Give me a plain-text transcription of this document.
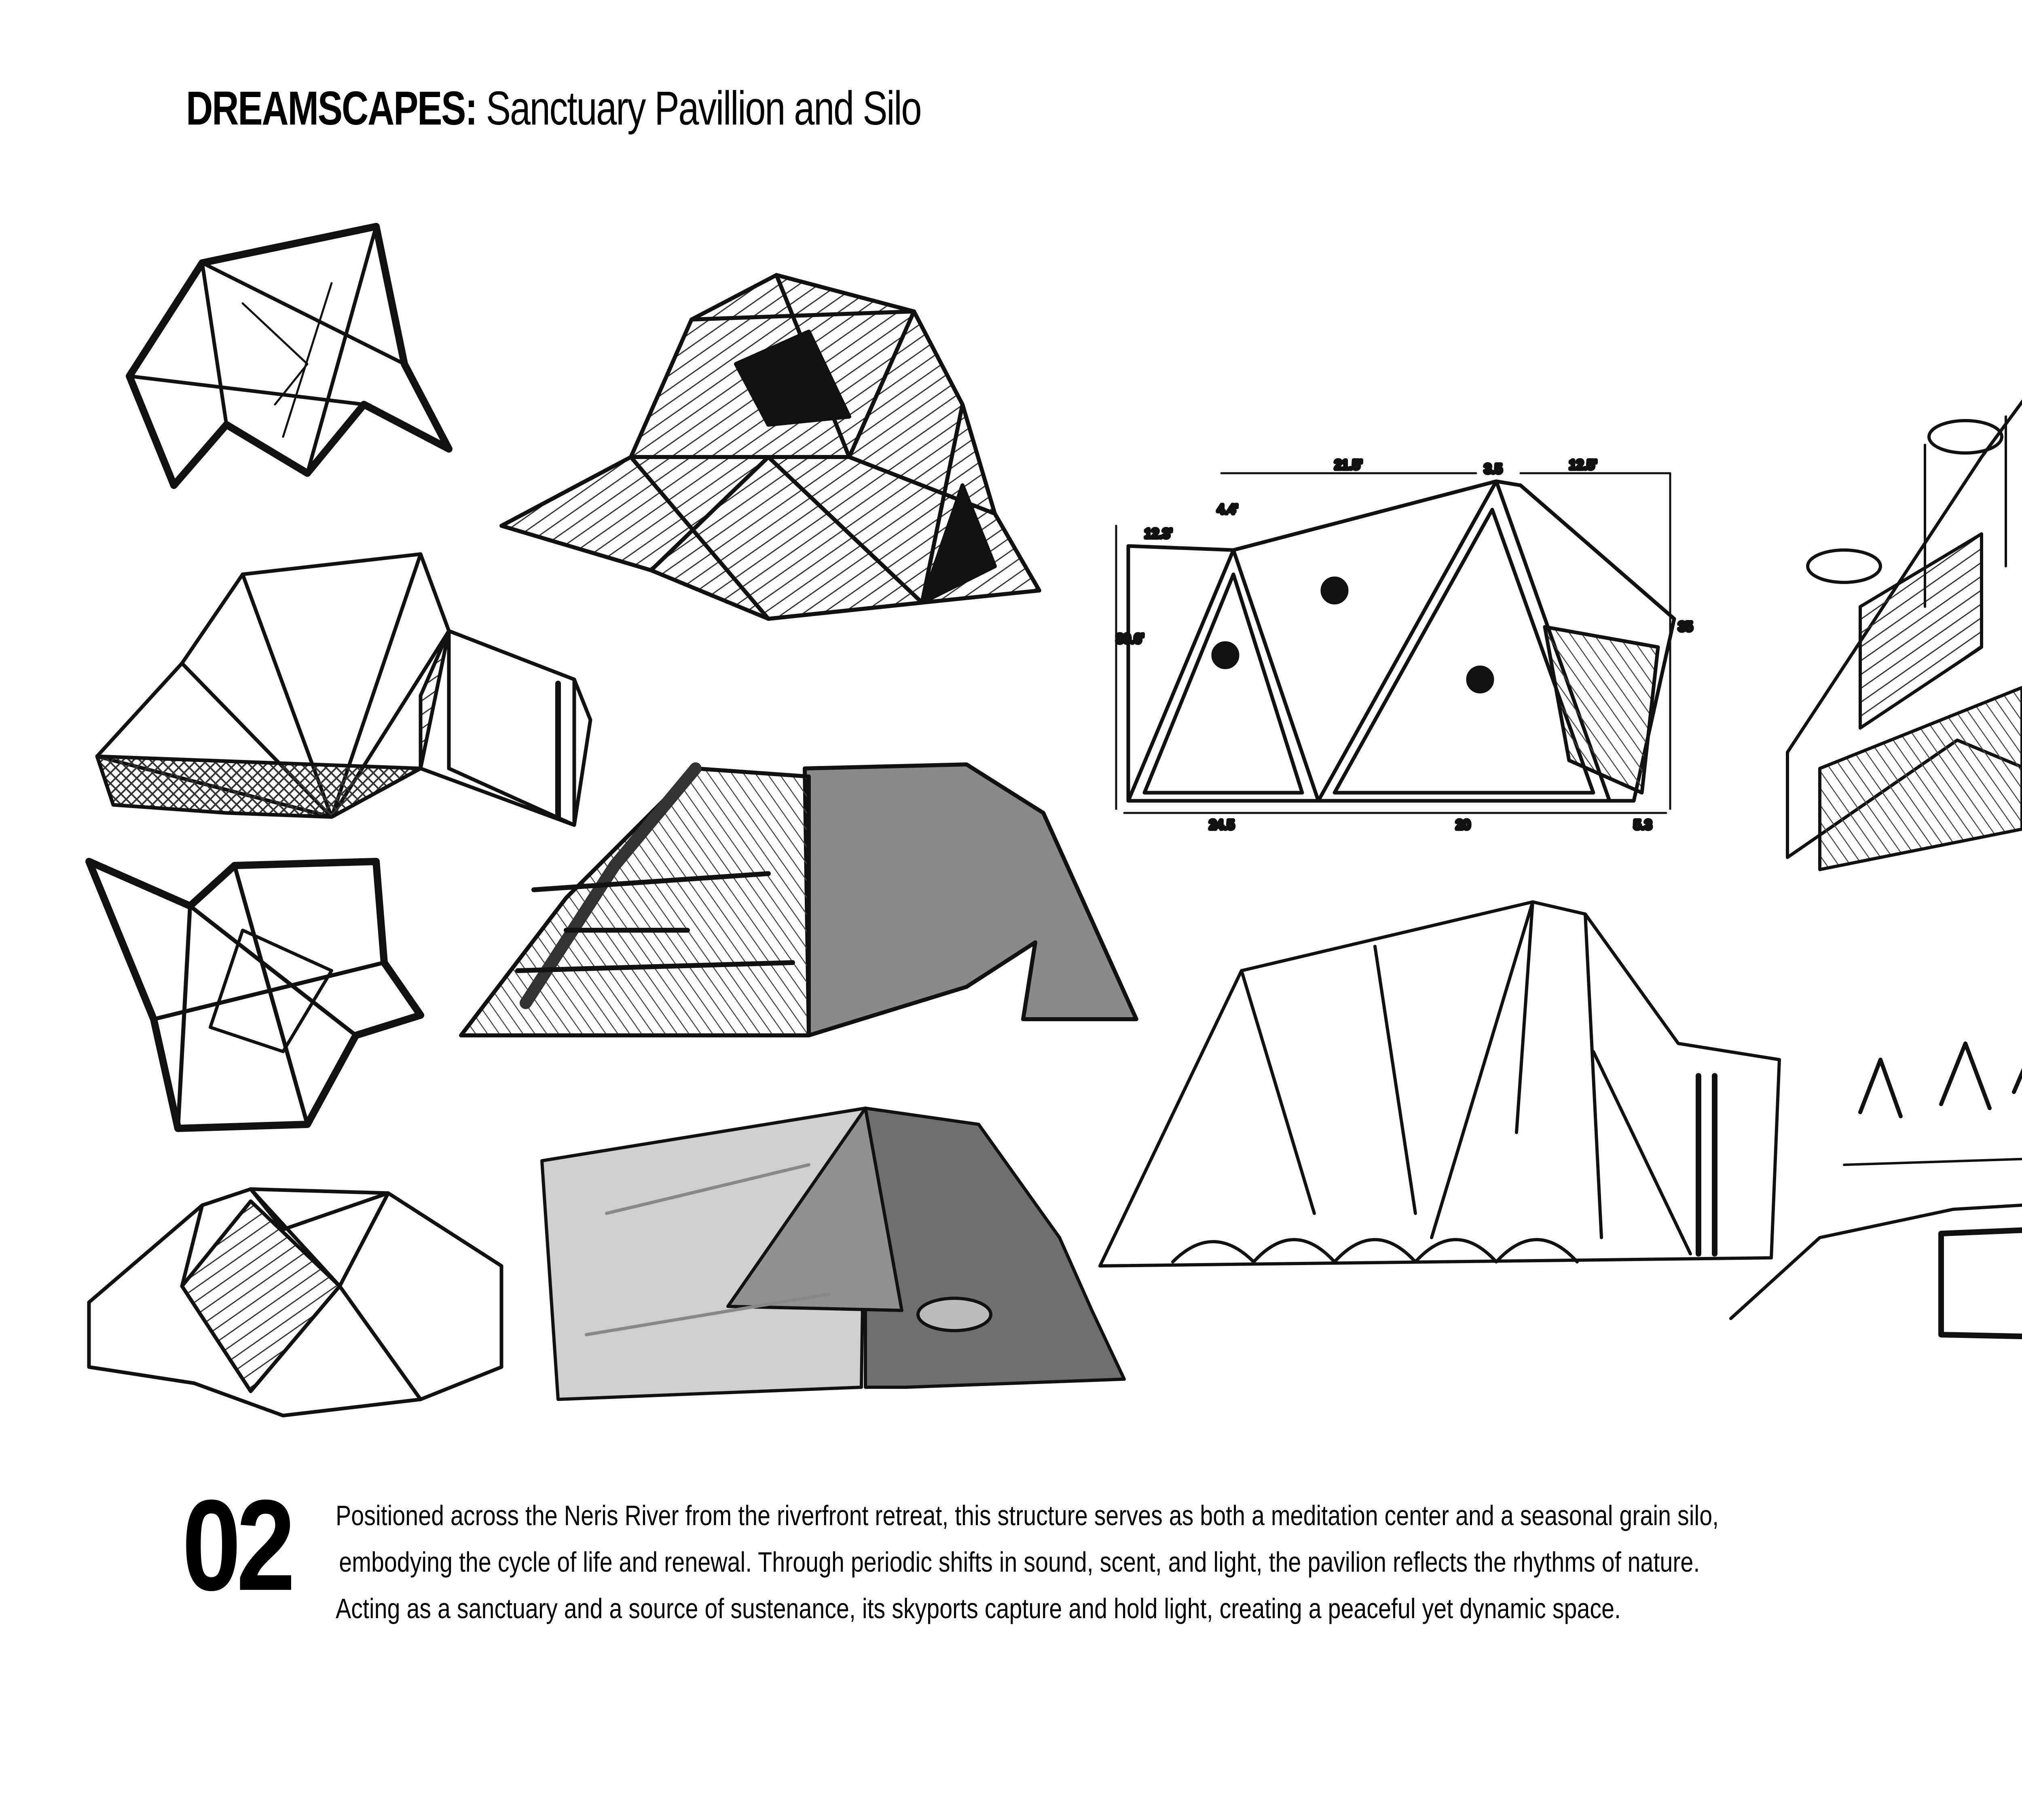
DREAMSCAPES: Sanctuary Pavillion and Silo
21.5'	3.5	12.5'
4.4'
12.3'
30.6'
35
24.5	20	5.3
02 Positioned across the Neris River from the riverfront retreat, this structure serves as both a meditation center and a seasonal grain silo,

embodying the cycle of life and renewal. Through periodic shifts in sound, scent, and light, the pavilion reflects the rhythms of nature.

Acting as a sanctuary and a source of sustenance, its skyports capture and hold light, creating a peaceful yet dynamic space.
